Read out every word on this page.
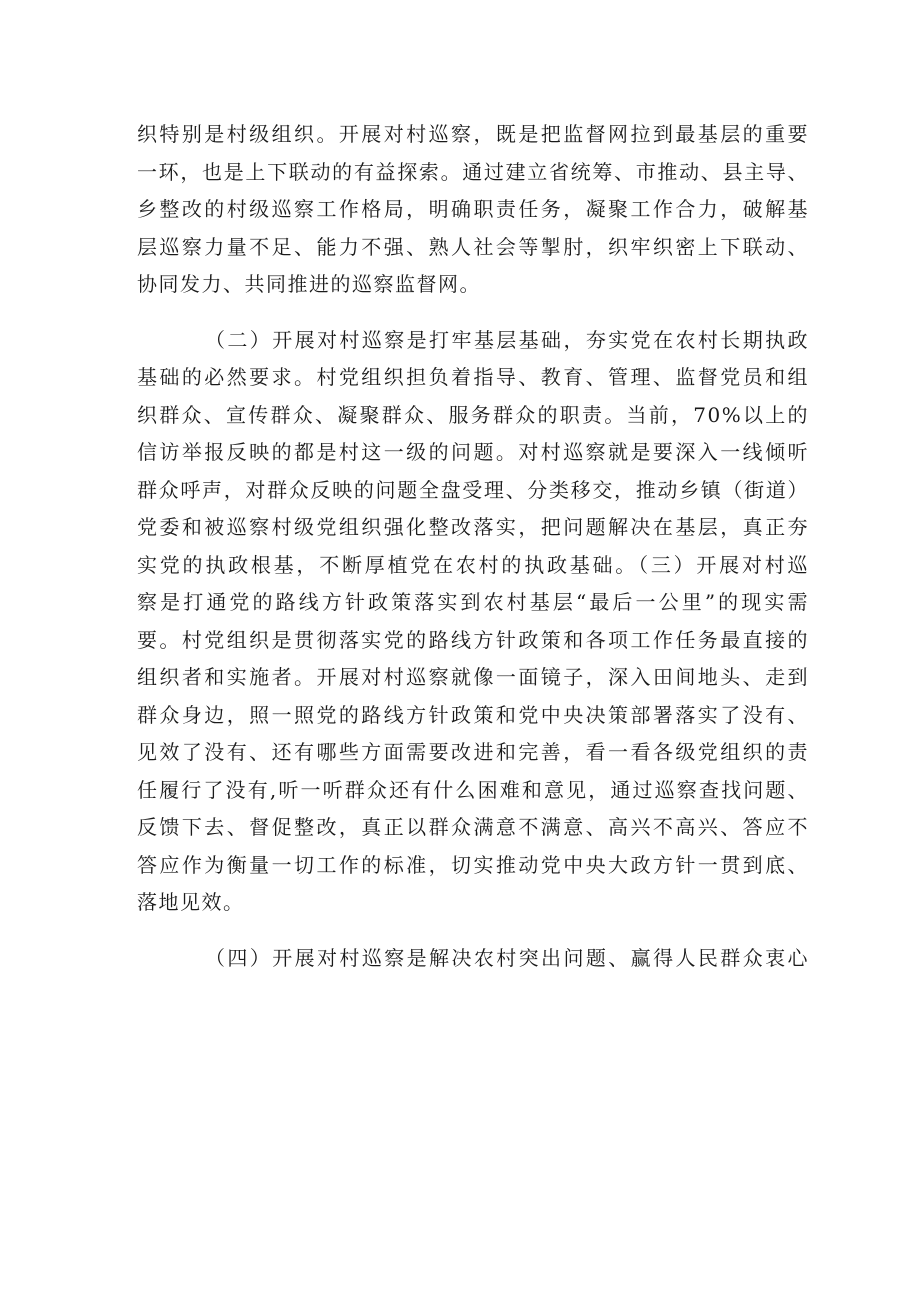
织特别是村级组织。开展对村巡察，既是把监督网拉到最基层的重要
一环，也是上下联动的有益探索。通过建立省统筹、市推动、县主导、
乡整改的村级巡察工作格局，明确职责任务，凝聚工作合力，破解基
层巡察力量不足、能力不强、熟人社会等掣肘，织牢织密上下联动、
协同发力、共同推进的巡察监督网。
（二）开展对村巡察是打牢基层基础，夯实党在农村长期执政
基础的必然要求。村党组织担负着指导、教育、管理、监督党员和组
织群众、宣传群众、凝聚群众、服务群众的职责。当前，70%以上的
信访举报反映的都是村这一级的问题。对村巡察就是要深入一线倾听
群众呼声，对群众反映的问题全盘受理、分类移交，推动乡镇（街道）
党委和被巡察村级党组织强化整改落实，把问题解决在基层，真正夯
实党的执政根基，不断厚植党在农村的执政基础。（三）开展对村巡
察是打通党的路线方针政策落实到农村基层“最后一公里”的现实需
要。村党组织是贯彻落实党的路线方针政策和各项工作任务最直接的
组织者和实施者。开展对村巡察就像一面镜子，深入田间地头、走到
群众身边，照一照党的路线方针政策和党中央决策部署落实了没有、
见效了没有、还有哪些方面需要改进和完善，看一看各级党组织的责
任履行了没有,听一听群众还有什么困难和意见，通过巡察查找问题、
反馈下去、督促整改，真正以群众满意不满意、高兴不高兴、答应不
答应作为衡量一切工作的标准，切实推动党中央大政方针一贯到底、
落地见效。
（四）开展对村巡察是解决农村突出问题、赢得人民群众衷心
